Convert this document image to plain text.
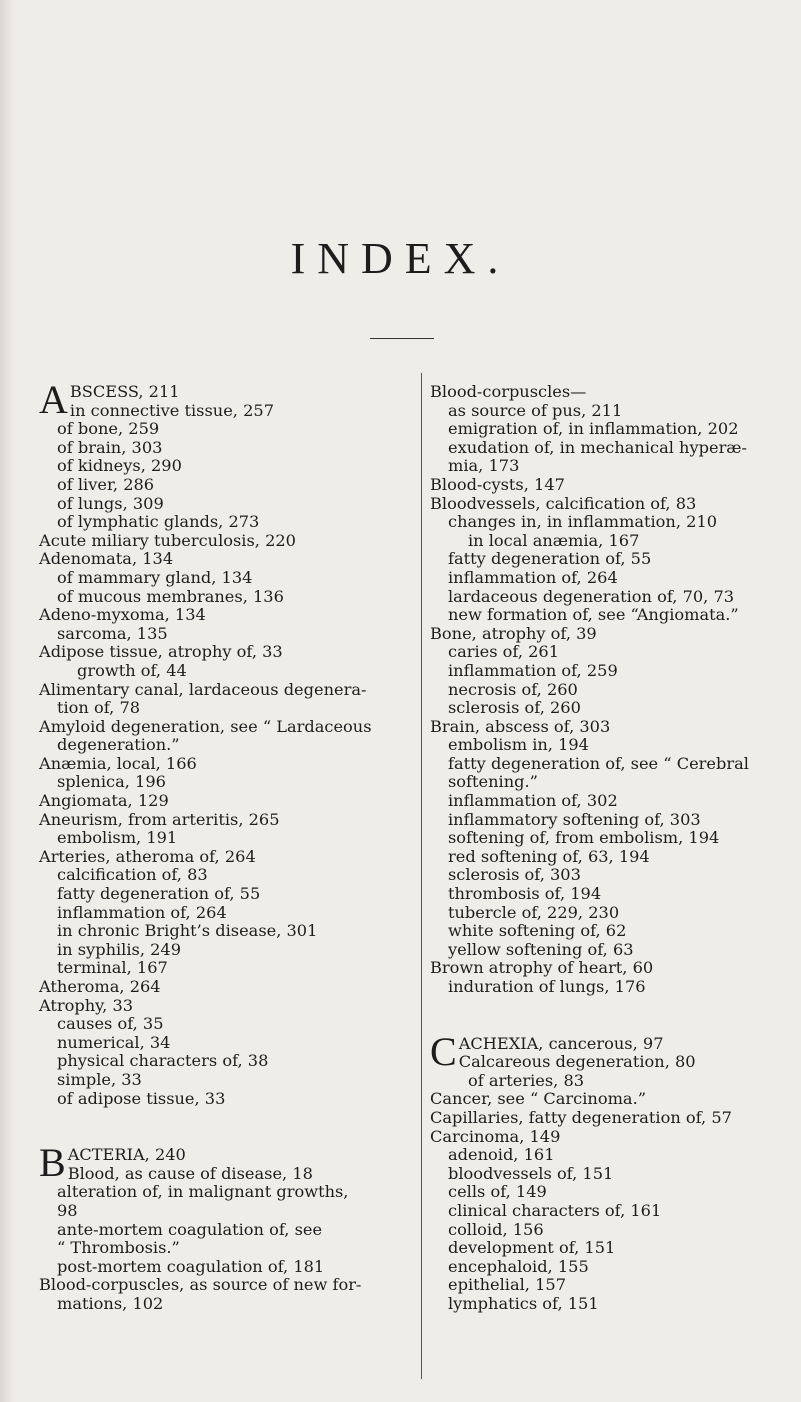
INDEX.
A BSCESS, 211
in connective tissue, 257

of bone, 259

of brain, 303

of kidneys, 290

of liver, 286

of lungs, 309

of lymphatic glands, 273

Acute miliary tuberculosis, 220

Adenomata, 134

of mammary gland, 134

of mucous membranes, 136

Adeno-myxoma, 134

sarcoma, 135

Adipose tissue, atrophy of, 33

growth of, 44

Alimentary canal, lardaceous degenera-

tion of, 78

Amyloid degeneration, see “ Lardaceous

degeneration.”

Anæmia, local, 166

splenica, 196

Angiomata, 129

Aneurism, from arteritis, 265

embolism, 191

Arteries, atheroma of, 264

calcification of, 83

fatty degeneration of, 55

inflammation of, 264

in chronic Bright’s disease, 301

in syphilis, 249

terminal, 167

Atheroma, 264

Atrophy, 33

causes of, 35

numerical, 34

physical characters of, 38

simple, 33

of adipose tissue, 33

B ACTERIA, 240
Blood, as cause of disease, 18

alteration of, in malignant growths,

98

ante-mortem coagulation of, see

“ Thrombosis.”

post-mortem coagulation of, 181

Blood-corpuscles, as source of new for-

mations, 102

Blood-corpuscles—

as source of pus, 211

emigration of, in inflammation, 202

exudation of, in mechanical hyperæ-

mia, 173

Blood-cysts, 147

Bloodvessels, calcification of, 83

changes in, in inflammation, 210

in local anæmia, 167

fatty degeneration of, 55

inflammation of, 264

lardaceous degeneration of, 70, 73

new formation of, see “Angiomata.”

Bone, atrophy of, 39

caries of, 261

inflammation of, 259

necrosis of, 260

sclerosis of, 260

Brain, abscess of, 303

embolism in, 194

fatty degeneration of, see “ Cerebral

softening.”

inflammation of, 302

inflammatory softening of, 303

softening of, from embolism, 194

red softening of, 63, 194

sclerosis of, 303

thrombosis of, 194

tubercle of, 229, 230

white softening of, 62

yellow softening of, 63

Brown atrophy of heart, 60

induration of lungs, 176

C ACHEXIA, cancerous, 97
Calcareous degeneration, 80

of arteries, 83

Cancer, see “ Carcinoma.”

Capillaries, fatty degeneration of, 57

Carcinoma, 149

adenoid, 161

bloodvessels of, 151

cells of, 149

clinical characters of, 161

colloid, 156

development of, 151

encephaloid, 155

epithelial, 157

lymphatics of, 151
